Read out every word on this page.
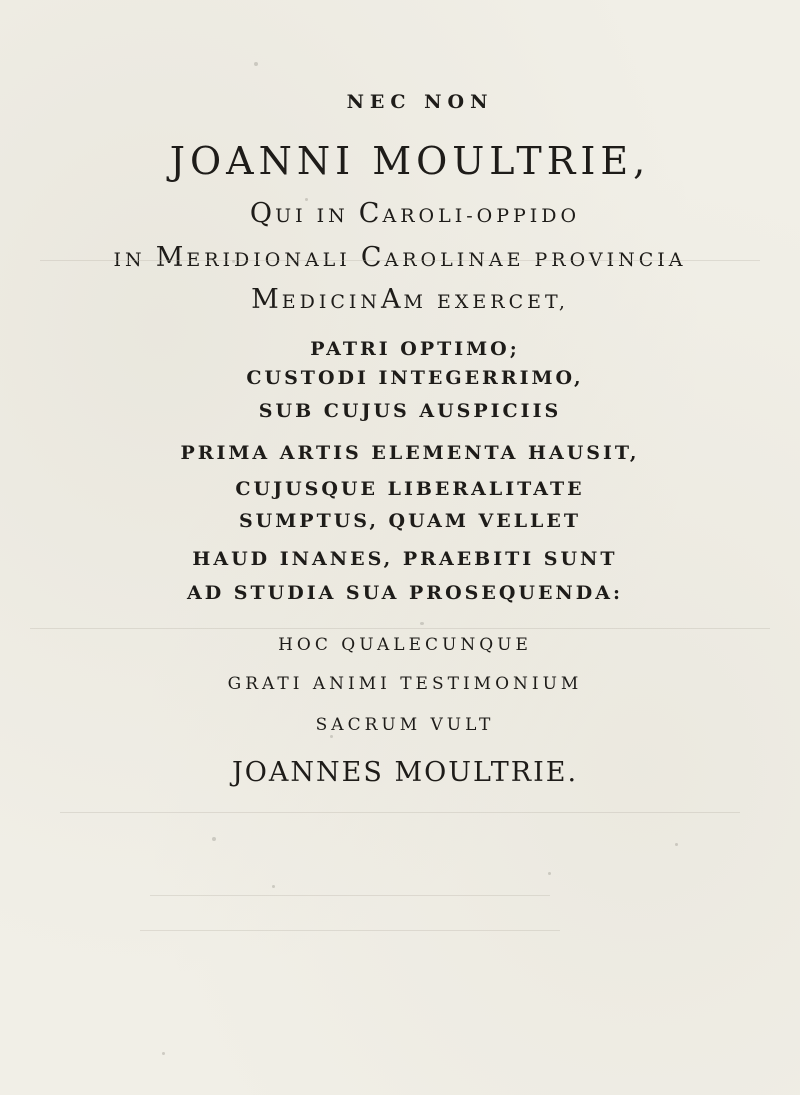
NEC NON
JOANNI MOULTRIE,
QUI IN CAROLI-OPPIDO
IN MERIDIONALI CAROLINAE PROVINCIA
MEDICINAM EXERCET,
PATRI OPTIMO;
CUSTODI INTEGERRIMO,
SUB CUJUS AUSPICIIS
PRIMA ARTIS ELEMENTA HAUSIT,
CUJUSQUE LIBERALITATE
SUMPTUS, QUAM VELLET
HAUD INANES, PRAEBITI SUNT
AD STUDIA SUA PROSEQUENDA:
HOC QUALECUNQUE
GRATI ANIMI TESTIMONIUM
SACRUM VULT
JOANNES MOULTRIE.
